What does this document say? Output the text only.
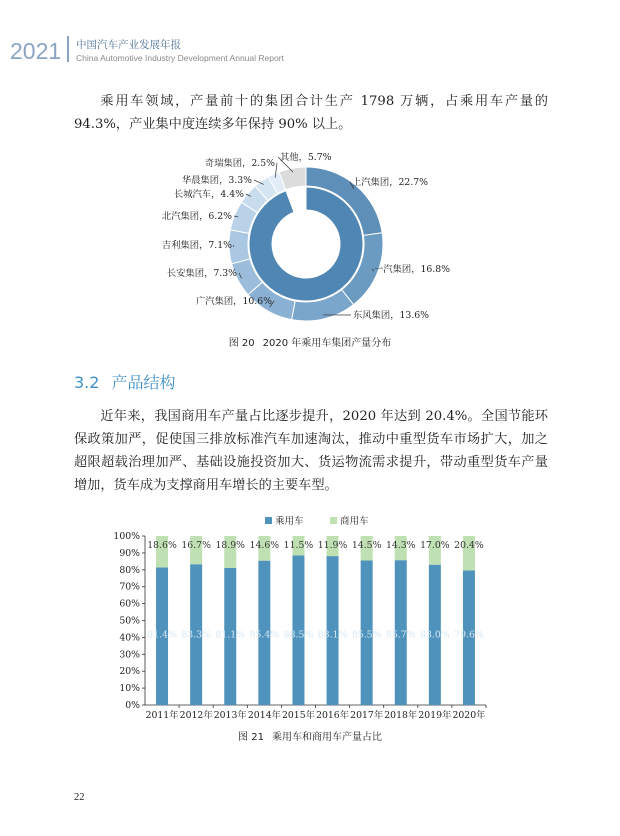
2021 中国汽车产业发展年报
China Automotive Industry Development Annual Report

乘用车领域，产量前十的集团合计生产 1798 万辆，占乘用车产量的 94.3%，产业集中度连续多年保持 90% 以上。

上汽集团，22.7%
一汽集团，16.8%
东风集团，13.6%
广汽集团，10.6%
长安集团，7.3%
吉利集团，7.1%
北汽集团，6.2%
长城汽车，4.4%
华晨集团，3.3%
奇瑞集团，2.5%
其他，5.7%
94.3%
图 20 2020 年乘用车集团产量分布
3.2 产品结构

近年来，我国商用车产量占比逐步提升，2020 年达到 20.4%。全国节能环保政策加严，促使国三排放标准汽车加速淘汰，推动中重型货车市场扩大，加之超限超载治理加严、基础设施投资加大、货运物流需求提升，带动重型货车产量增加，货车成为支撑商用车增长的主要车型。

0%
10%
20%
30%
40%
50%
60%
70%
80%
90%
100%
81.4%
18.6%
2011年
83.3%
16.7%
2012年
81.1%
18.9%
2013年
85.4%
14.6%
2014年
88.5%
11.5%
2015年
88.1%
11.9%
2016年
85.5%
14.5%
2017年
85.7%
14.3%
2018年
83.0%
17.0%
2019年
79.6%
20.4%
2020年
乘用车	商用车
图 21 乘用车和商用车产量占比
22
